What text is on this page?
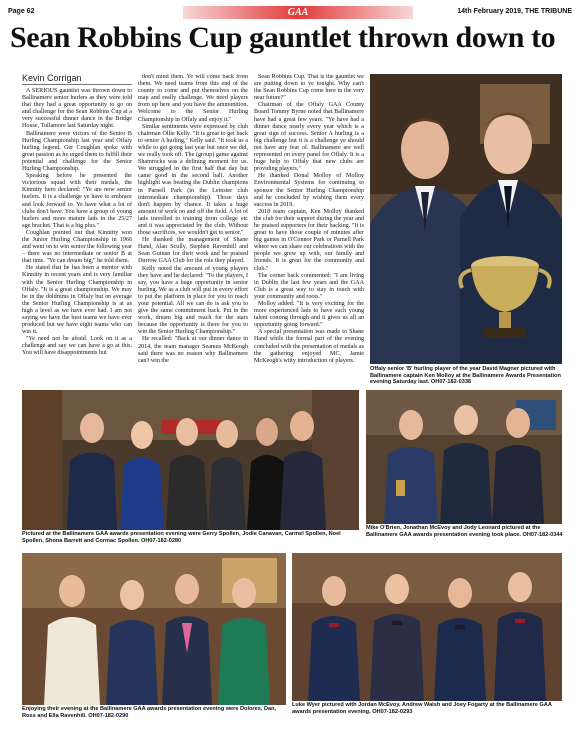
Page 62	GAA	14th February 2019, THE TRIBUNE
Sean Robbins Cup gauntlet thrown down to
Kevin Corrigan

A SERIOUS gauntlet was thrown down to Ballinamere senior hurlers as they were told that they had a great opportunity to go on and challenge for the Sean Robbins Cup at a very successful dinner dance in the Bridge House, Tullamore last Saturday night.

Ballinamere were victors of the Senior B Hurling Championship last year and Offaly hurling legend, Ger Coughlan spoke with great passion as he urged them to fulfill their potential and challenge for the Senior Hurling Championship.

Speaking before he presented the victorious squad with their medals, the Kinnitty hero declared: "Ye are now senior hurlers. It is a challenge ye have to embrace and look forward to. Ye have what a lot of clubs don't have. You have a group of young hurlers and more mature lads in the 25/27 age bracket. That is a big plus."

Coughlan pointed out that Kinnitty won the Junior Hurling Championship in 1966 and went on to win senior the following year – there was no intermediate or senior B at that time. "Ye can dream big," he told them.

He stated that he has been a mentor with Kinnitty in recent years and is very familiar with the Senior Hurling Championship in Offaly. "It is a great championship. We may be in the doldrums in Offaly but on average the Senior Hurling Championship is at as high a level as we have ever had. I am not saying we have the best teams we have ever produced but we have eight teams who can win it.

"Ye need not be afraid. Look on it as a challenge and say we can have a go at this. You will have disappointments but

don't mind them. Ye will come back from them. We need teams from this end of the county to come and put themselves on the map and really challenge. We need players from up here and you have the ammunition. Welcome to the Senior Hurling Championship in Offaly and enjoy it."

Similar sentiments were expressed by club chairman Ollie Kelly. "It is great to get back to senior A hurling," Kelly said. "It took us a while to get going last year but once we did, we really took off. The (group) game against Shamrocks was a defining moment for us. We struggled in the first half that day but came good in the second half. Another highlight was beating the Dublin champions in Parnell Park (in the Leinster club intermediate championship). Those days don't happen by chance. It takes a huge amount of work on and off the field. A lot of lads travelled to training from college etc and it was appreciated by the club. Without those sacrifices, we wouldn't get to senior."

He thanked the management of Shane Hand, Alan Scully, Stephen Ravenhill and Sean Guinan for their work and he praised Durrow GAA Club for the role they played.

Kelly noted the amount of young players they have and he declared: "To the players, I say, you have a huge opportunity in senior hurling. We as a club will put in every effort to put the platform in place for you to reach your potential. All we can do is ask you to give the same commitment back. Put in the work, dream big and reach for the stars because the opportunity is there for you to win the Senior Hurling Championship."

He recalled: "Back at our dinner dance in 2014, the team manager Seamus McKeogh said there was no reason why Ballinamere can't win the

Sean Robbins Cup. That is the gauntlet we are putting down to ye tonight. Why can't the Sean Robbins Cup come here in the very near future?"

Chairman of the Offaly GAA County Board Tommy Byrne noted that Ballinamere have had a great few years. "Ye have had a dinner dance nearly every year which is a great sign of success. Senior A hurling is a big challenge but it is a challenge ye should not have any fear of. Ballinamere are well represented on every panel for Offaly. It is a huge help to Offaly that new clubs are providing players."

He thanked Donal Molloy of Molloy Environmental Systems for continuing to sponsor the Senior Hurling Championship and he concluded by wishing them every success in 2019.

2018 team captain, Ken Molloy thanked the club for their support during the year and he praised supporters for their backing. "It is great to have those couple of minutes after big games in O'Connor Park or Parnell Park where we can share our celebrations with the people we grew up with, our family and friends. It is great for the community and club."

The corner back commented: "I am living in Dublin the last few years and the GAA Club is a great way to stay in touch with your community and roots."

Molloy added: "It is very exciting for the more experienced lads to have such young talent coming through and it gives us all an opportunity going forward."

A special presentation was made to Shane Hand while the formal part of the evening concluded with the presentation of medals as the gathering enjoyed MC, Jamie McKeogh's witty introduction of players.

Offaly senior 'B' hurling player of the year David Magner pictured with Ballinamere captain Ken Molloy at the Ballinamere Awards Presentation evening Saturday last. OH07-182-0338
Pictured at the Ballinamere GAA awards presentation evening were Gerry Spollen, Jodie Canavan, Carmel Spollen, Noel Spollen, Shona Barrett and Cormac Spollen. OH07-182-0280
Mike O'Brien, Jonathan McEvoy and Jody Leonard pictured at the Ballinamere GAA awards presentation evening took place. OH07-182-0344
Enjoying their evening at the Ballinamere GAA awards presentation evening were Dolores, Dan, Ross and Ella Ravenhill. OH07-182-0290
Luke Wyer pictured with Jordan McEvoy, Andrew Walsh and Joey Fogarty at the Ballinamere GAA awards presentation evening. OH07-182-0293
